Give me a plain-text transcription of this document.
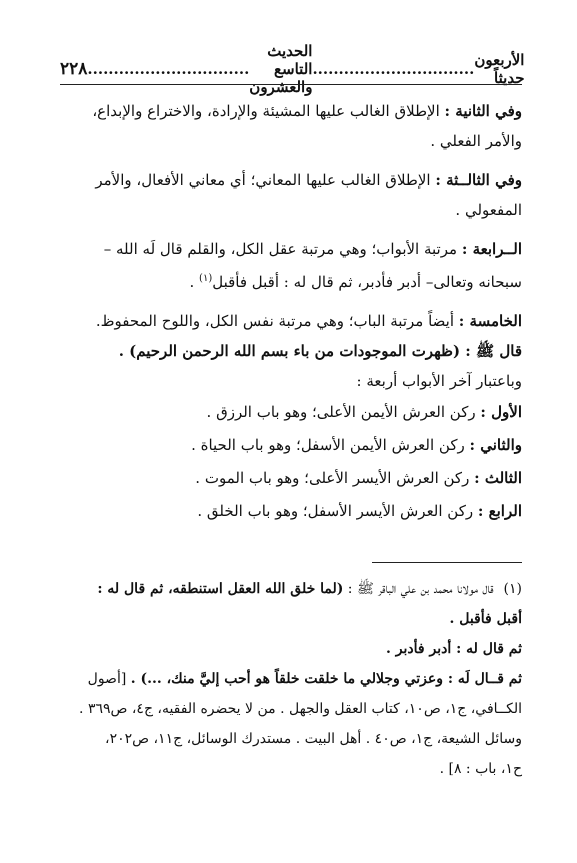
٢٢٨ ...............................
الحديث التاسع والعشرون
............................... الأربعون حديثاً

وفي الثانية : الإطلاق الغالب عليها المشيئة والإرادة، والاختراع والإبداع، والأمر الفعلي .

وفي الثالــثة : الإطلاق الغالب عليها المعاني؛ أي معاني الأفعال، والأمر المفعولي .

الــرابعة : مرتبة الأبواب؛ وهي مرتبة عقل الكل، والقلم قال لَه الله – سبحانه وتعالى– أدبر فأدبر، ثم قال له : أقبل فأقبل$^{(١)}$ .

الخامسة : أيضاً مرتبة الباب؛ وهي مرتبة نفس الكل، واللوح المحفوظ.

قال ﷺ : (ظهرت الموجودات من باء بسم الله الرحمن الرحيم) .

وباعتبار آخر الأبواب أربعة :

الأول : ركن العرش الأيمن الأعلى؛ وهو باب الرزق .

والثاني : ركن العرش الأيمن الأسفل؛ وهو باب الحياة .

الثالث : ركن العرش الأيسر الأعلى؛ وهو باب الموت .

الرابع : ركن العرش الأيسر الأسفل؛ وهو باب الخلق .

(١)قال مولانا محمد بن علي الباقر ﷺ : (لما خلق الله العقل استنطقه، ثم قال له :

أقبل فأقبل .

ثم قال له : أدبر فأدبر .

ثم قــال لَه : وعزتي وجلالي ما خلقت خلقاً هو أحب إليَّ منك، ...) . [أصول

الكــافي، ج١، ص١٠، كتاب العقل والجهل . من لا يحضره الفقيه، ج٤، ص٣٦٩ .

وسائل الشيعة، ج١، ص٤٠ . أهل البيت . مستدرك الوسائل، ج١١، ص٢٠٢،

ح١، باب : ٨] .
